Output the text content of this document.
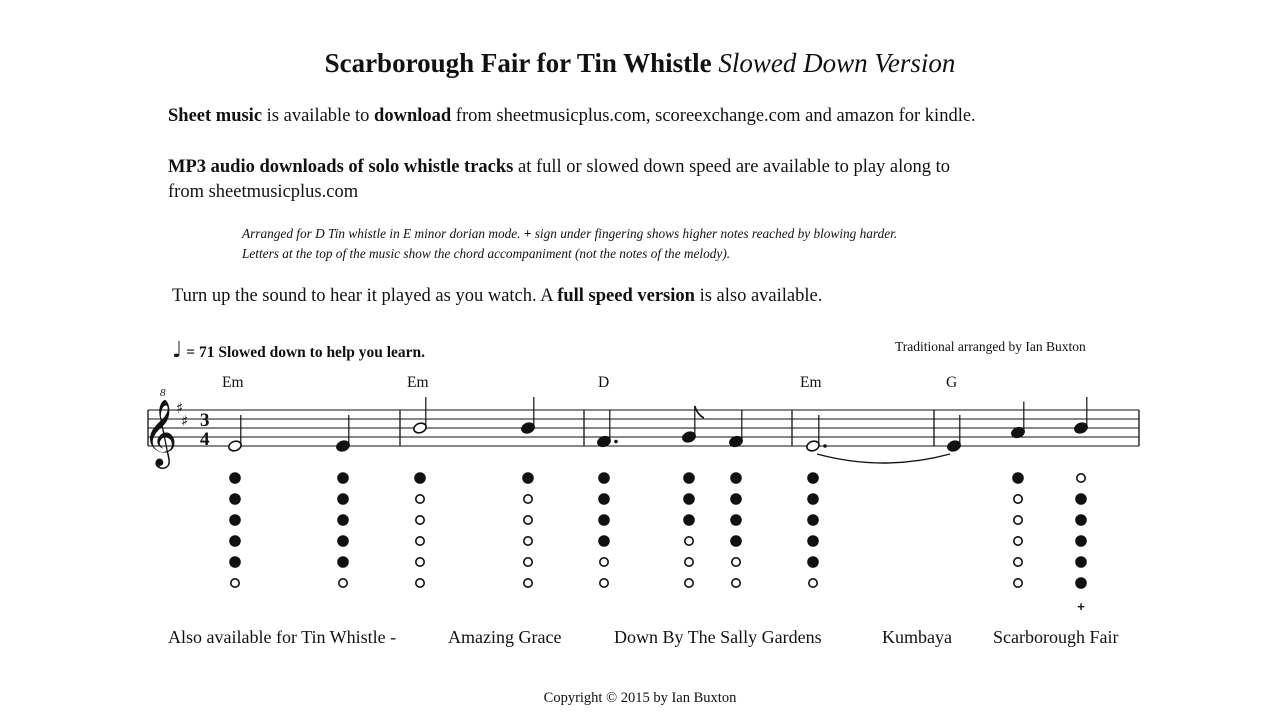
Scarborough Fair for Tin Whistle Slowed Down Version
Sheet music is available to download from sheetmusicplus.com, scoreexchange.com and amazon for kindle.
MP3 audio downloads of solo whistle tracks at full or slowed down speed are available to play along to
from sheetmusicplus.com
Arranged for D Tin whistle in E minor dorian mode. + sign under fingering shows higher notes reached by blowing harder.
Letters at the top of the music show the chord accompaniment (not the notes of the melody).
Turn up the sound to hear it played as you watch. A full speed version is also available.
♩ = 71 Slowed down to help you learn.	Traditional arranged by Ian Buxton
Em	Em	D	Em	G
𝄞
8
♯
♯ 3
4
+
Also available for Tin Whistle -	Amazing Grace	Down By The Sally Gardens	Kumbaya Scarborough Fair
Copyright © 2015 by Ian Buxton
